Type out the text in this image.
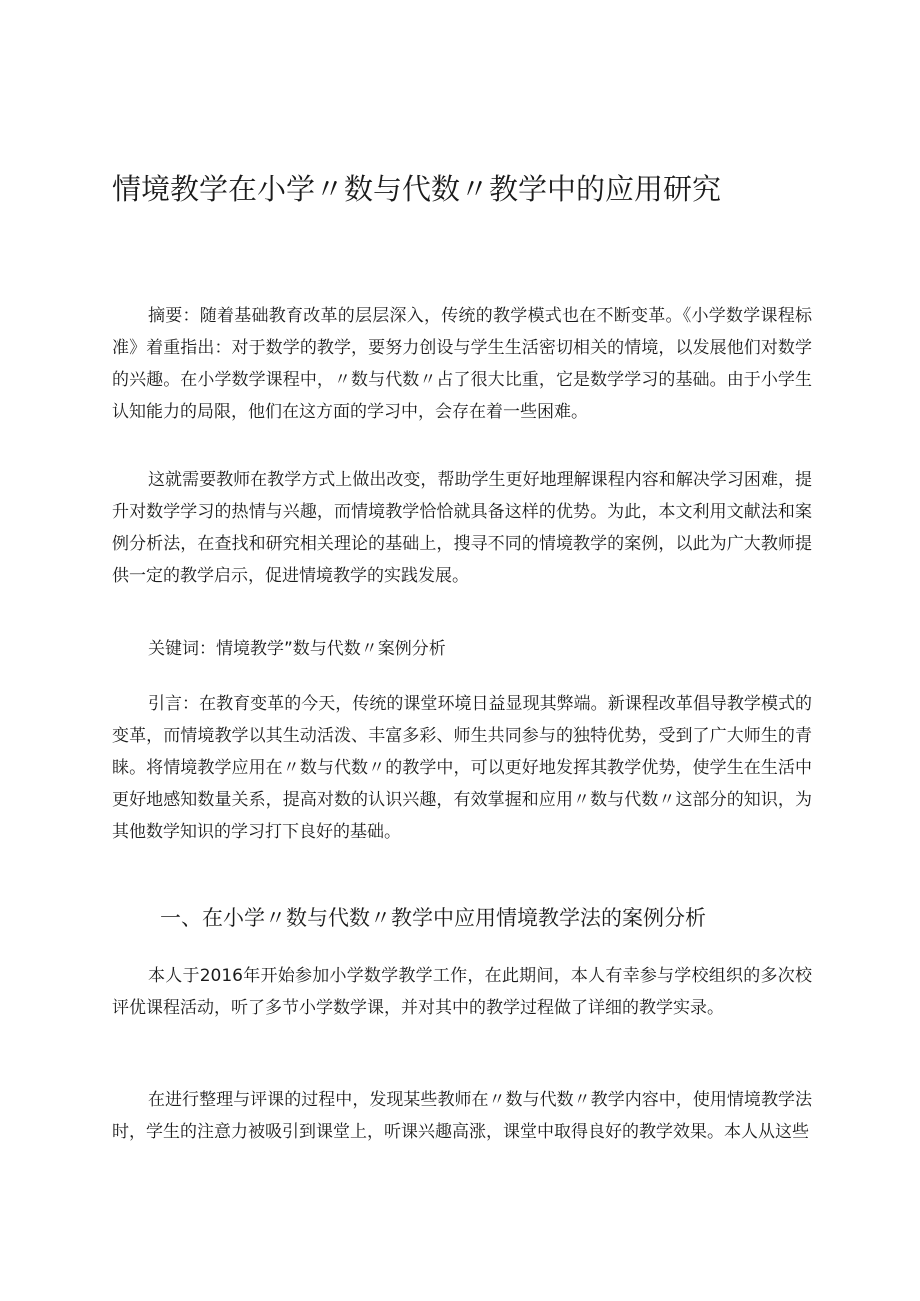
情境教学在小学〃数与代数〃教学中的应用研究

摘要：随着基础教育改革的层层深入，传统的教学模式也在不断变革。《小学数学课程标准》着重指出：对于数学的教学，要努力创设与学生生活密切相关的情境，以发展他们对数学的兴趣。在小学数学课程中，〃数与代数〃占了很大比重，它是数学学习的基础。由于小学生认知能力的局限，他们在这方面的学习中，会存在着一些困难。

这就需要教师在教学方式上做出改变，帮助学生更好地理解课程内容和解决学习困难，提升对数学学习的热情与兴趣，而情境教学恰恰就具备这样的优势。为此，本文利用文献法和案例分析法，在查找和研究相关理论的基础上，搜寻不同的情境教学的案例，以此为广大教师提供一定的教学启示，促进情境教学的实践发展。

关键词：情境教学”数与代数〃案例分析

引言：在教育变革的今天，传统的课堂环境日益显现其弊端。新课程改革倡导教学模式的变革，而情境教学以其生动活泼、丰富多彩、师生共同参与的独特优势，受到了广大师生的青睐。将情境教学应用在〃数与代数〃的教学中，可以更好地发挥其教学优势，使学生在生活中更好地感知数量关系，提高对数的认识兴趣，有效掌握和应用〃数与代数〃这部分的知识，为其他数学知识的学习打下良好的基础。

一、在小学〃数与代数〃教学中应用情境教学法的案例分析

本人于2016年开始参加小学数学教学工作，在此期间，本人有幸参与学校组织的多次校评优课程活动，听了多节小学数学课，并对其中的教学过程做了详细的教学实录。

在进行整理与评课的过程中，发现某些教师在〃数与代数〃教学内容中，使用情境教学法时，学生的注意力被吸引到课堂上，听课兴趣高涨，课堂中取得良好的教学效果。本人从这些
